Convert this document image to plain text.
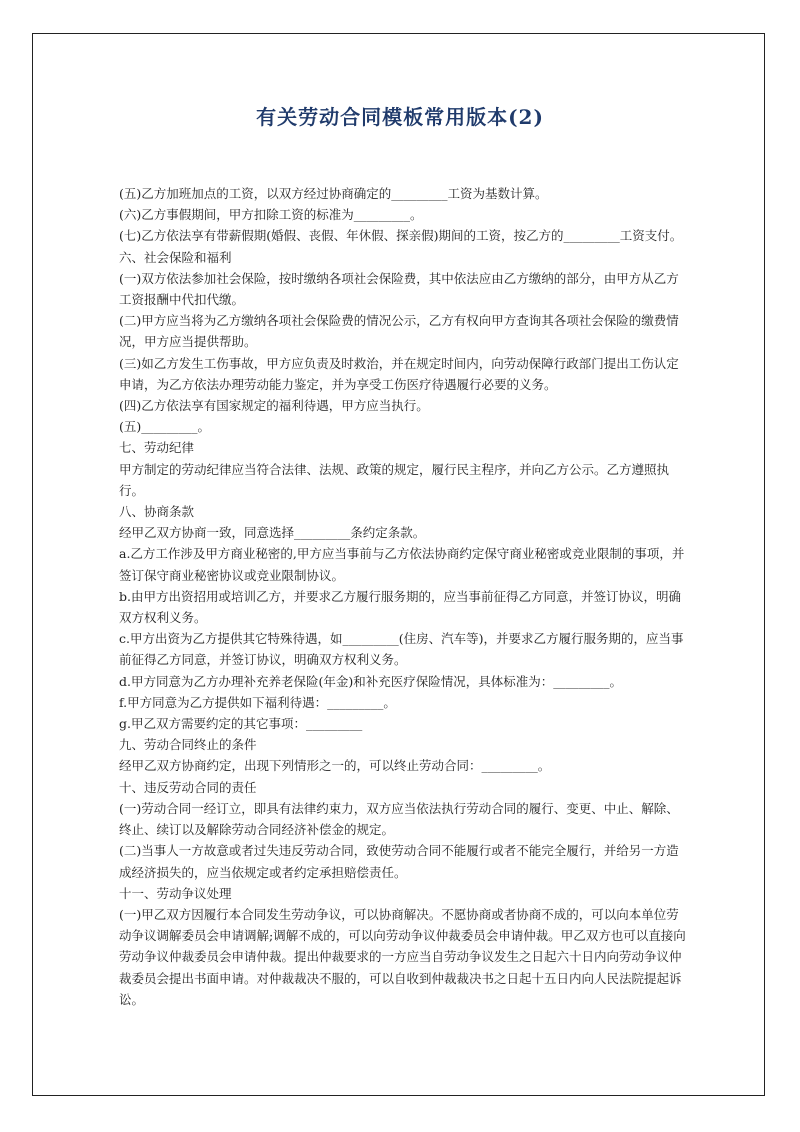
有关劳动合同模板常用版本(2)

(五)乙方加班加点的工资，以双方经过协商确定的_________工资为基数计算。

(六)乙方事假期间，甲方扣除工资的标准为_________。

(七)乙方依法享有带薪假期(婚假、丧假、年休假、探亲假)期间的工资，按乙方的_________工资支付。

六、社会保险和福利

(一)双方依法参加社会保险，按时缴纳各项社会保险费，其中依法应由乙方缴纳的部分，由甲方从乙方工资报酬中代扣代缴。

(二)甲方应当将为乙方缴纳各项社会保险费的情况公示，乙方有权向甲方查询其各项社会保险的缴费情况，甲方应当提供帮助。

(三)如乙方发生工伤事故，甲方应负责及时救治，并在规定时间内，向劳动保障行政部门提出工伤认定申请，为乙方依法办理劳动能力鉴定，并为享受工伤医疗待遇履行必要的义务。

(四)乙方依法享有国家规定的福利待遇，甲方应当执行。

(五)_________。

七、劳动纪律

甲方制定的劳动纪律应当符合法律、法规、政策的规定，履行民主程序，并向乙方公示。乙方遵照执行。

八、协商条款

经甲乙双方协商一致，同意选择_________条约定条款。

a.乙方工作涉及甲方商业秘密的,甲方应当事前与乙方依法协商约定保守商业秘密或竞业限制的事项，并签订保守商业秘密协议或竞业限制协议。

b.由甲方出资招用或培训乙方，并要求乙方履行服务期的，应当事前征得乙方同意，并签订协议，明确双方权利义务。

c.甲方出资为乙方提供其它特殊待遇，如_________(住房、汽车等)，并要求乙方履行服务期的，应当事前征得乙方同意，并签订协议，明确双方权利义务。

d.甲方同意为乙方办理补充养老保险(年金)和补充医疗保险情况，具体标准为：_________。

f.甲方同意为乙方提供如下福利待遇：_________。

g.甲乙双方需要约定的其它事项：_________

九、劳动合同终止的条件

经甲乙双方协商约定，出现下列情形之一的，可以终止劳动合同：_________。

十、违反劳动合同的责任

(一)劳动合同一经订立，即具有法律约束力，双方应当依法执行劳动合同的履行、变更、中止、解除、终止、续订以及解除劳动合同经济补偿金的规定。

(二)当事人一方故意或者过失违反劳动合同，致使劳动合同不能履行或者不能完全履行，并给另一方造成经济损失的，应当依规定或者约定承担赔偿责任。

十一、劳动争议处理

(一)甲乙双方因履行本合同发生劳动争议，可以协商解决。不愿协商或者协商不成的，可以向本单位劳动争议调解委员会申请调解;调解不成的，可以向劳动争议仲裁委员会申请仲裁。甲乙双方也可以直接向劳动争议仲裁委员会申请仲裁。提出仲裁要求的一方应当自劳动争议发生之日起六十日内向劳动争议仲裁委员会提出书面申请。对仲裁裁决不服的，可以自收到仲裁裁决书之日起十五日内向人民法院提起诉讼。
